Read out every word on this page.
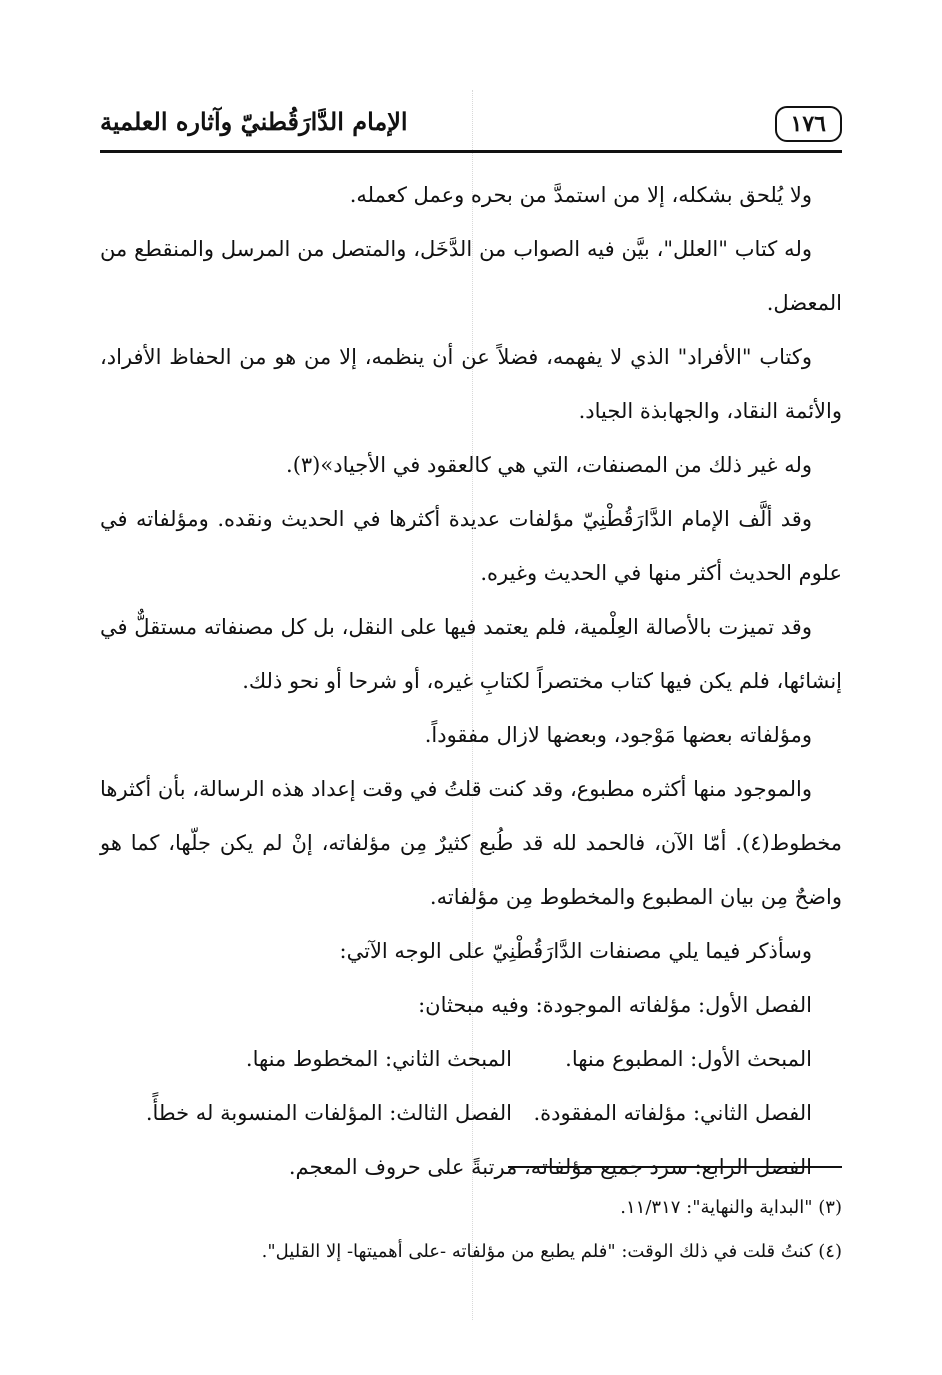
١٧٦
الإمام الدَّارَقُطنيّ وآثاره العلمية

ولا يُلحق بشكله، إلا من استمدَّ من بحره وعمل كعمله.

وله كتاب "العلل"، بيَّن فيه الصواب من الدَّخَل، والمتصل من المرسل والمنقطع من المعضل.

وكتاب "الأفراد" الذي لا يفهمه، فضلاً عن أن ينظمه، إلا من هو من الحفاظ الأفراد، والأئمة النقاد، والجهابذة الجياد.

وله غير ذلك من المصنفات، التي هي كالعقود في الأجياد»(٣).

وقد ألَّف الإمام الدَّارَقُطْنِيّ مؤلفات عديدة أكثرها في الحديث ونقده. ومؤلفاته في علوم الحديث أكثر منها في الحديث وغيره.

وقد تميزت بالأصالة العِلْمية، فلم يعتمد فيها على النقل، بل كل مصنفاته مستقلٌّ في إنشائها، فلم يكن فيها كتاب مختصراً لكتابِ غيره، أو شرحا أو نحو ذلك.

ومؤلفاته بعضها مَوْجود، وبعضها لازال مفقوداً.

والموجود منها أكثره مطبوع، وقد كنت قلتُ في وقت إعداد هذه الرسالة، بأن أكثرها مخطوط(٤). أمّا الآن، فالحمد لله قد طُبع كثيرٌ مِن مؤلفاته، إنْ لم يكن جلّها، كما هو واضحٌ مِن بيان المطبوع والمخطوط مِن مؤلفاته.

وسأذكر فيما يلي مصنفات الدَّارَقُطْنِيّ على الوجه الآتي:

الفصل الأول: مؤلفاته الموجودة: وفيه مبحثان:
المبحث الأول: المطبوع منها.
المبحث الثاني: المخطوط منها.
الفصل الثاني: مؤلفاته المفقودة.
الفصل الثالث: المؤلفات المنسوبة له خطأً.
الفصل الرابع: سرد جميع مؤلفاته، مرتبةً على حروف المعجم.

(٣) "البداية والنهاية": ١١/٣١٧.

(٤) كنتُ قلت في ذلك الوقت: "فلم يطبع من مؤلفاته -على أهميتها- إلا القليل".
